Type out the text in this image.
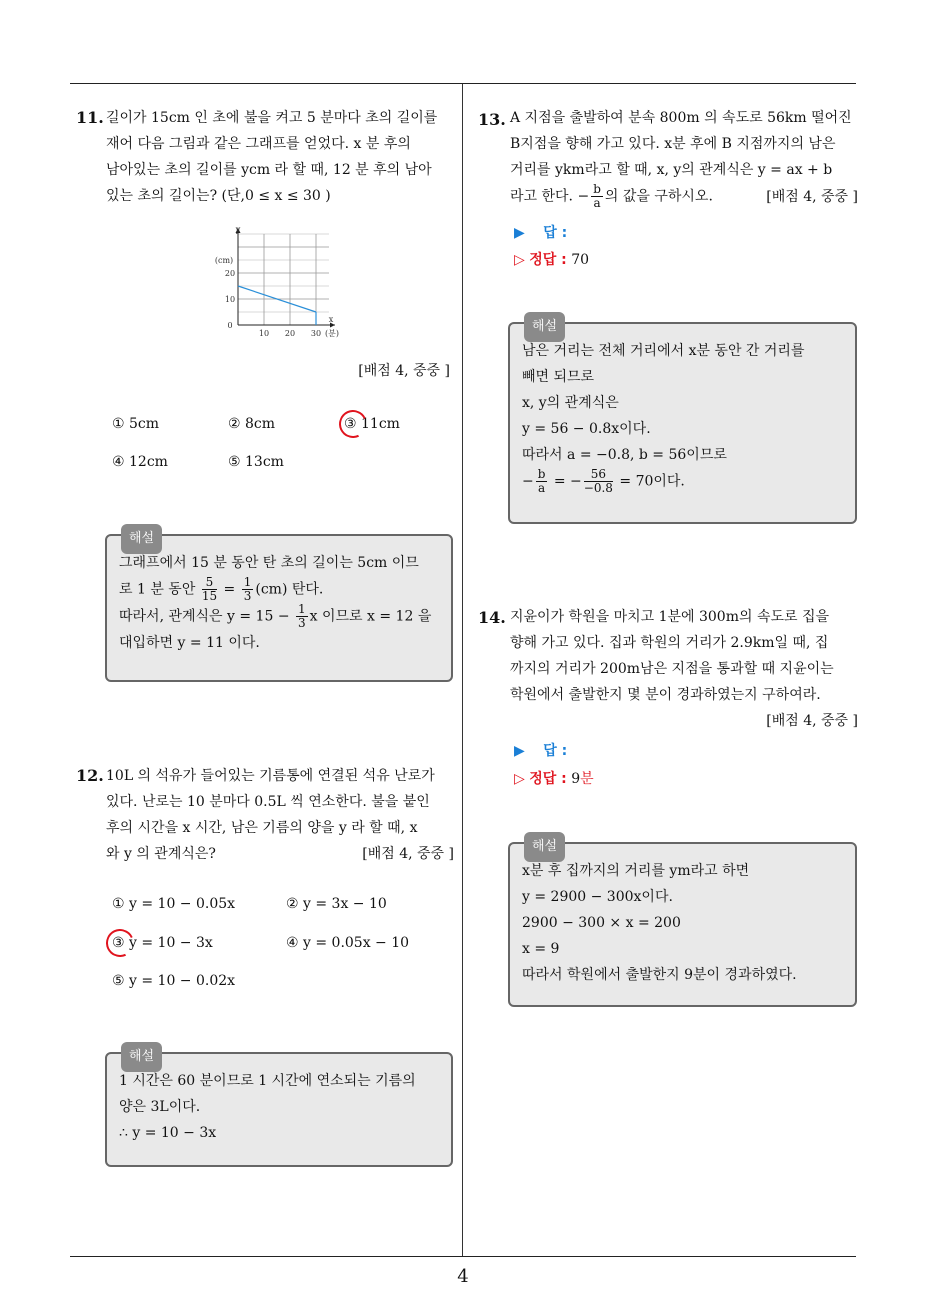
4
11. 길이가 15cm 인 초에 불을 켜고 5 분마다 초의 길이를
재어 다음 그림과 같은 그래프를 얻었다. x 분 후의
남아있는 초의 길이를 ycm 라 할 때, 12 분 후의 남아
있는 초의 길이는? (단,0 ≤ x ≤ 30 )
y
(cm)
10
20
10 20 30
0
x
(분)
[배점 4, 중중 ]
① 5cm	② 8cm	③ 11cm
④ 12cm	⑤ 13cm
해설
그래프에서 15 분 동안 탄 초의 길이는 5cm 이므
로 1 분 동안 $\frac{5}{15} = \frac{1}{3} (cm)$ 탄다.
따라서, 관계식은 $y = 15 - \frac{1}{3}$ x 이므로 x = 12 을
대입하면 y = 11 이다.
12. 10L 의 석유가 들어있는 기름통에 연결된 석유 난로가
있다. 난로는 10 분마다 0.5L 씩 연소한다. 불을 붙인
후의 시간을 x 시간, 남은 기름의 양을 y 라 할 때, x
와 y 의 관계식은?	[배점 4, 중중 ]
① y = 10 − 0.05x	② y = 3x − 10
③ y = 10 − 3x	④ y = 0.05x − 10
⑤ y = 10 − 0.02x
해설
1 시간은 60 분이므로 1 시간에 연소되는 기름의
양은 3L이다.
∴ y = 10 − 3x
13. A 지점을 출발하여 분속 800m 의 속도로 56km 떨어진
B지점을 향해 가고 있다. x분 후에 B 지점까지의 남은
거리를 ykm라고 할 때, x, y의 관계식은 y = ax + b
라고 한다. − $\frac{b}{a}$ 의 값을 구하시오.	[배점 4, 중중 ]
▶ 답 :
▷ 정답 : 70
해설
남은 거리는 전체 거리에서 x분 동안 간 거리를
빼면 되므로
x, y의 관계식은
y = 56 − 0.8x이다.
따라서 a = −0.8, b = 56이므로
− $\frac{b}{a}$ = − $\frac{56}{-0.8} = 70$이다.
14. 지윤이가 학원을 마치고 1분에 300m의 속도로 집을
향해 가고 있다. 집과 학원의 거리가 2.9km일 때, 집
까지의 거리가 200m남은 지점을 통과할 때 지윤이는
학원에서 출발한지 몇 분이 경과하였는지 구하여라.
[배점 4, 중중 ]
▶ 답 :
▷ 정답 : 9분
해설
x분 후 집까지의 거리를 ym라고 하면
y = 2900 − 300x이다.
2900 − 300 × x = 200
x = 9
따라서 학원에서 출발한지 9분이 경과하였다.
